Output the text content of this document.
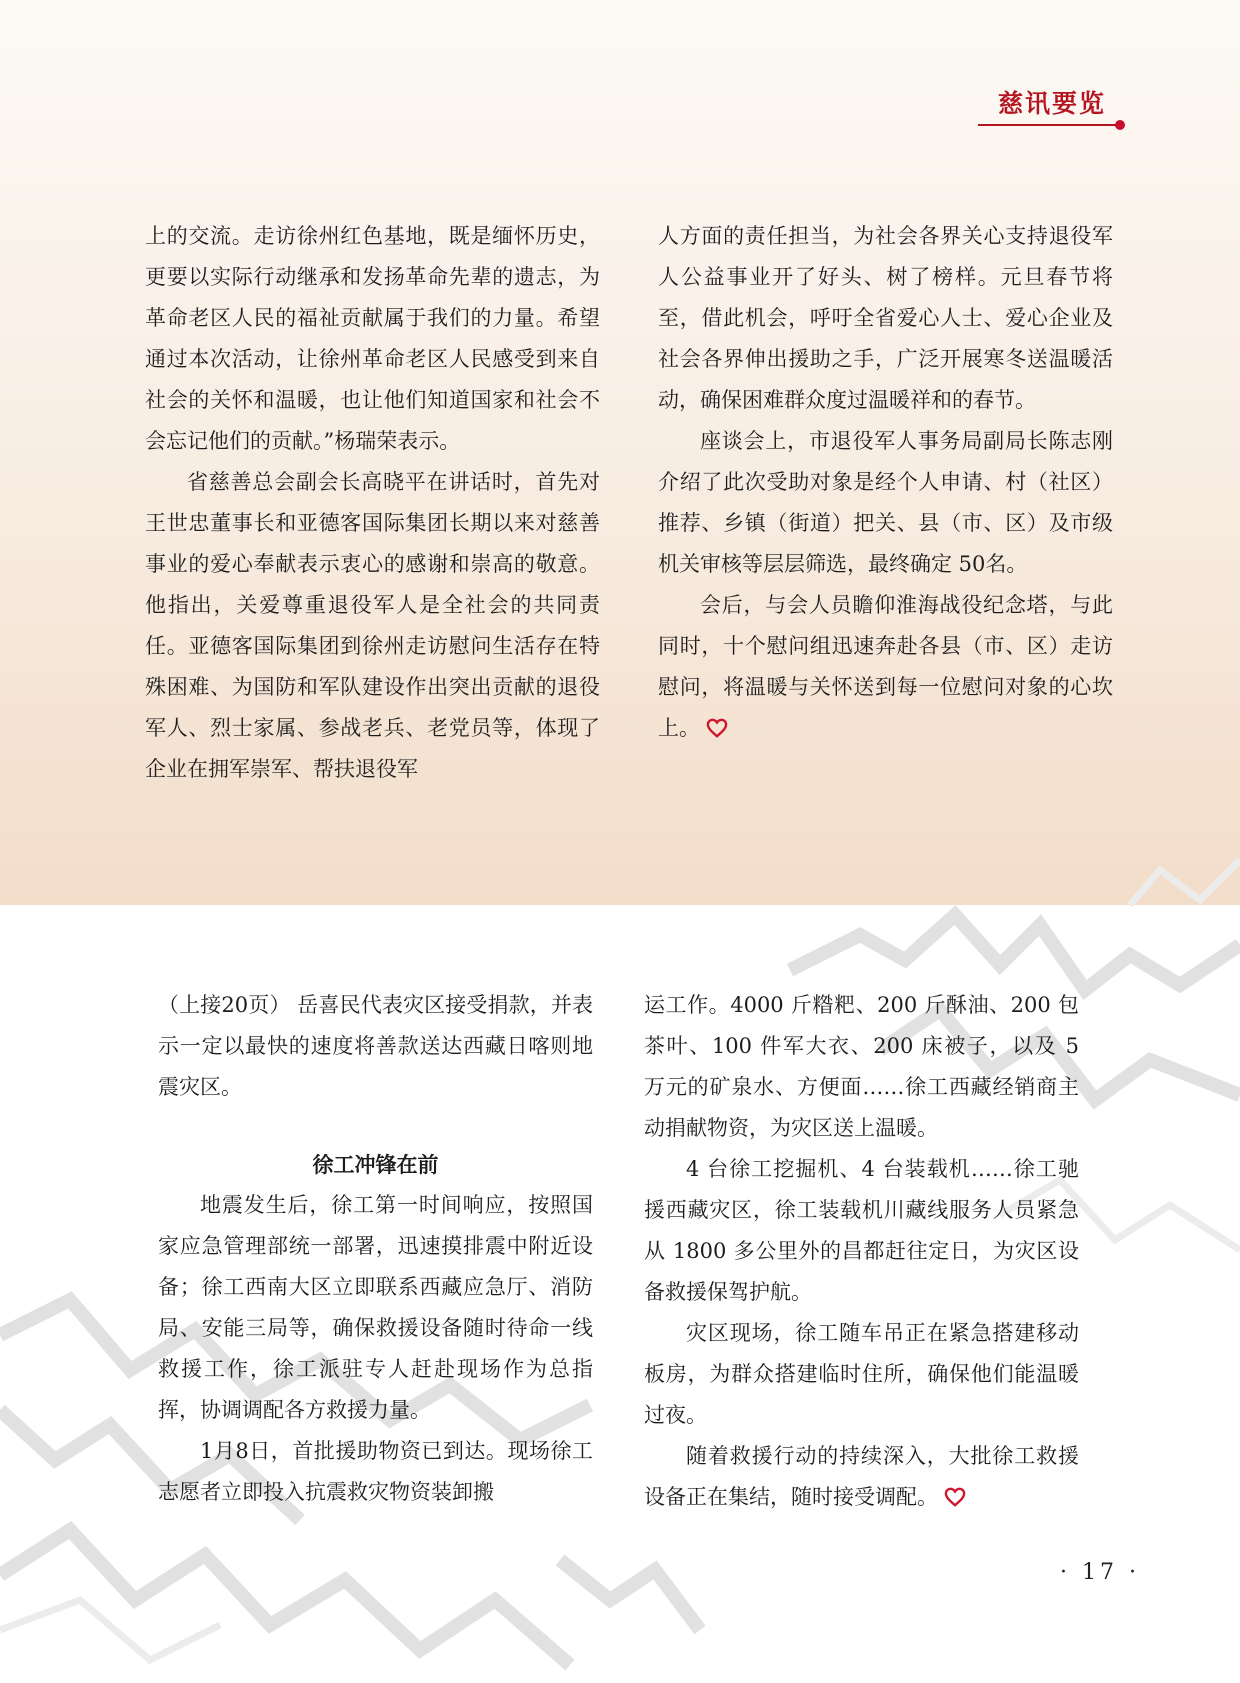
慈讯要览

上的交流。走访徐州红色基地，既是缅怀历史，更要以实际行动继承和发扬革命先辈的遗志，为革命老区人民的福祉贡献属于我们的力量。希望通过本次活动，让徐州革命老区人民感受到来自社会的关怀和温暖，也让他们知道国家和社会不会忘记他们的贡献。”杨瑞荣表示。

省慈善总会副会长高晓平在讲话时，首先对王世忠董事长和亚德客国际集团长期以来对慈善事业的爱心奉献表示衷心的感谢和崇高的敬意。他指出，关爱尊重退役军人是全社会的共同责任。亚德客国际集团到徐州走访慰问生活存在特殊困难、为国防和军队建设作出突出贡献的退役军人、烈士家属、参战老兵、老党员等，体现了企业在拥军崇军、帮扶退役军

人方面的责任担当，为社会各界关心支持退役军人公益事业开了好头、树了榜样。元旦春节将至，借此机会，呼吁全省爱心人士、爱心企业及社会各界伸出援助之手，广泛开展寒冬送温暖活动，确保困难群众度过温暖祥和的春节。

座谈会上，市退役军人事务局副局长陈志刚介绍了此次受助对象是经个人申请、村（社区）推荐、乡镇（街道）把关、县（市、区）及市级机关审核等层层筛选，最终确定 50名。

会后，与会人员瞻仰淮海战役纪念塔，与此同时，十个慰问组迅速奔赴各县（市、区）走访慰问，将温暖与关怀送到每一位慰问对象的心坎上。

（上接20页） 岳喜民代表灾区接受捐款，并表示一定以最快的速度将善款送达西藏日喀则地震灾区。

徐工冲锋在前

地震发生后，徐工第一时间响应，按照国家应急管理部统一部署，迅速摸排震中附近设备；徐工西南大区立即联系西藏应急厅、消防局、安能三局等，确保救援设备随时待命一线救援工作，徐工派驻专人赶赴现场作为总指挥，协调调配各方救援力量。

1月8日，首批援助物资已到达。现场徐工志愿者立即投入抗震救灾物资装卸搬

运工作。4000 斤糌粑、200 斤酥油、200 包茶叶、100 件军大衣、200 床被子，以及 5 万元的矿泉水、方便面……徐工西藏经销商主动捐献物资，为灾区送上温暖。

4 台徐工挖掘机、4 台装载机……徐工驰援西藏灾区，徐工装载机川藏线服务人员紧急从 1800 多公里外的昌都赶往定日，为灾区设备救援保驾护航。

灾区现场，徐工随车吊正在紧急搭建移动板房，为群众搭建临时住所，确保他们能温暖过夜。

随着救援行动的持续深入，大批徐工救援设备正在集结，随时接受调配。

· 17 ·
